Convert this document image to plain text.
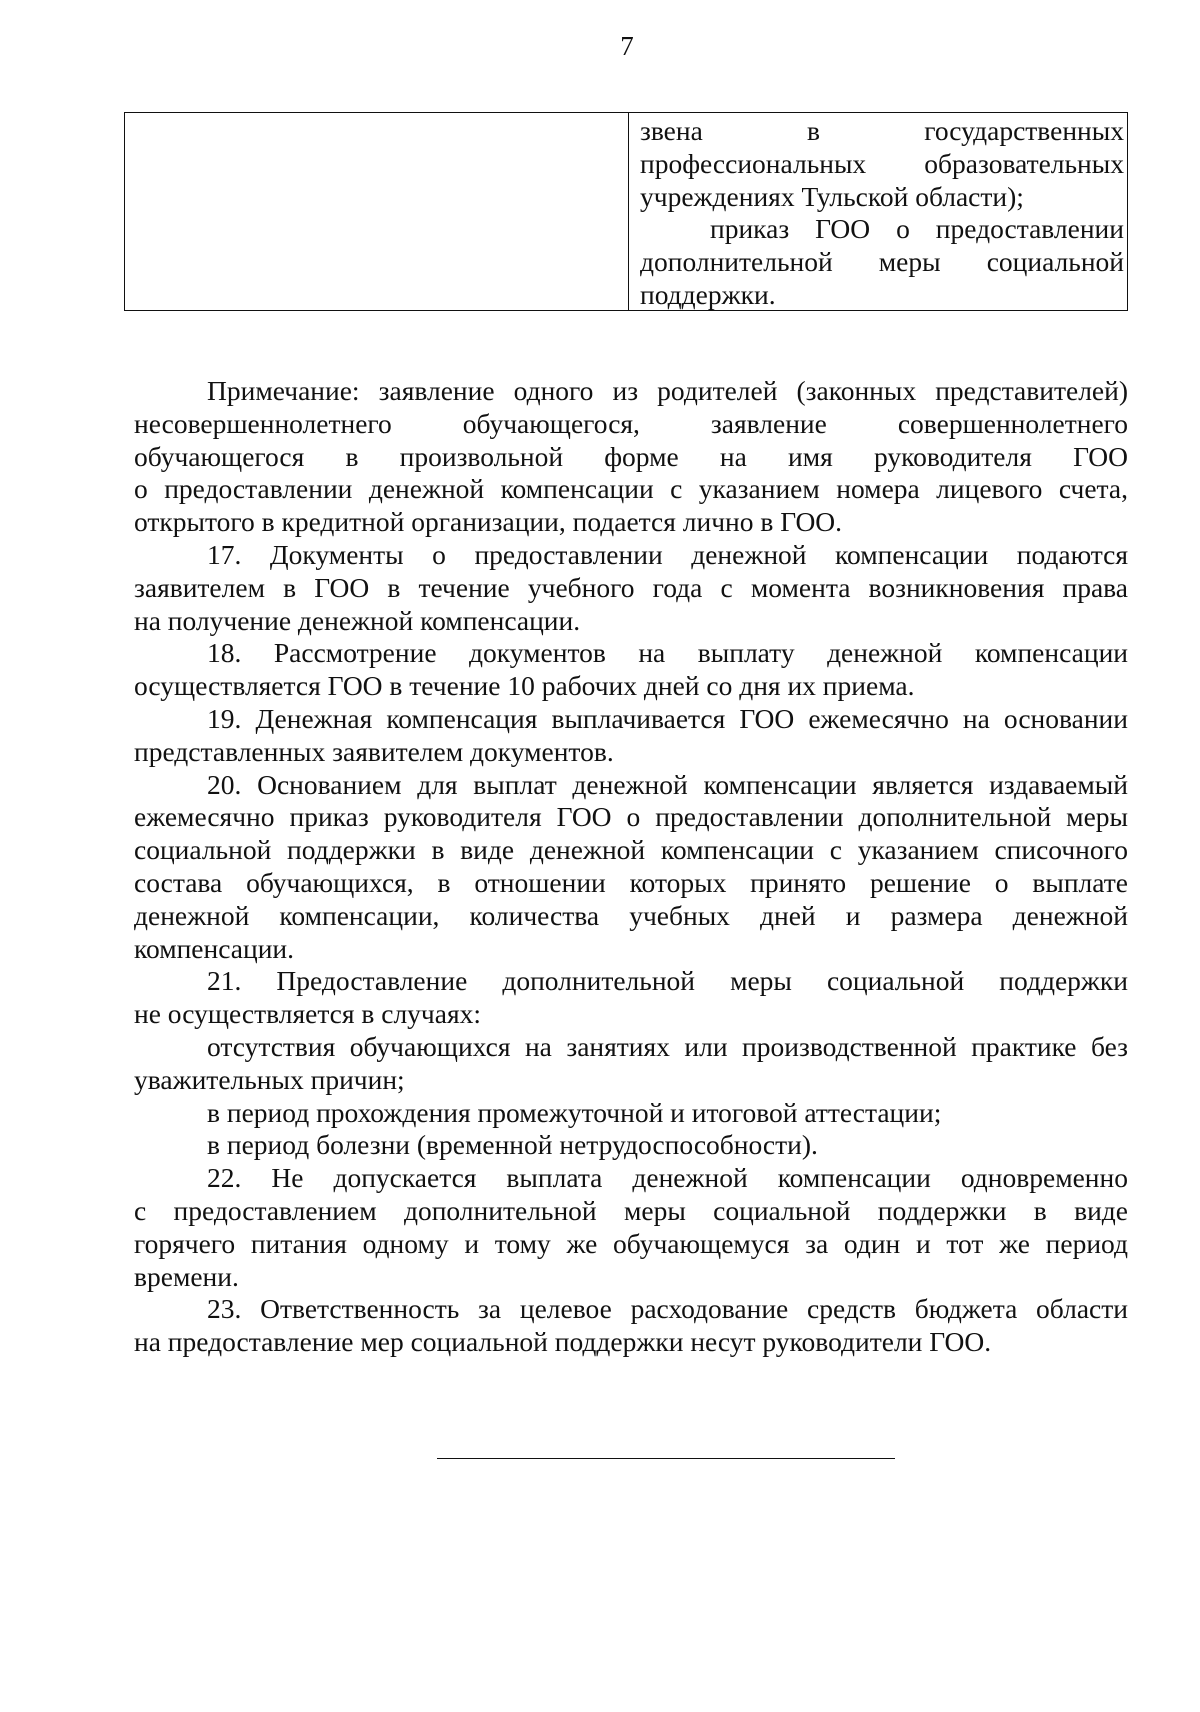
7
звена в государственных
профессиональных образовательных
учреждениях Тульской области);
приказ ГОО о предоставлении
дополнительной меры социальной
поддержки.
Примечание: заявление одного из родителей (законных представителей)
несовершеннолетнего обучающегося, заявление совершеннолетнего
обучающегося в произвольной форме на имя руководителя ГОО
о предоставлении денежной компенсации с указанием номера лицевого счета,
открытого в кредитной организации, подается лично в ГОО.
17. Документы о предоставлении денежной компенсации подаются
заявителем в ГОО в течение учебного года с момента возникновения права
на получение денежной компенсации.
18. Рассмотрение документов на выплату денежной компенсации
осуществляется ГОО в течение 10 рабочих дней со дня их приема.
19. Денежная компенсация выплачивается ГОО ежемесячно на основании
представленных заявителем документов.
20. Основанием для выплат денежной компенсации является издаваемый
ежемесячно приказ руководителя ГОО о предоставлении дополнительной меры
социальной поддержки в виде денежной компенсации с указанием списочного
состава обучающихся, в отношении которых принято решение о выплате
денежной компенсации, количества учебных дней и размера денежной
компенсации.
21. Предоставление дополнительной меры социальной поддержки
не осуществляется в случаях:
отсутствия обучающихся на занятиях или производственной практике без
уважительных причин;
в период прохождения промежуточной и итоговой аттестации;
в период болезни (временной нетрудоспособности).
22. Не допускается выплата денежной компенсации одновременно
с предоставлением дополнительной меры социальной поддержки в виде
горячего питания одному и тому же обучающемуся за один и тот же период
времени.
23. Ответственность за целевое расходование средств бюджета области
на предоставление мер социальной поддержки несут руководители ГОО.
